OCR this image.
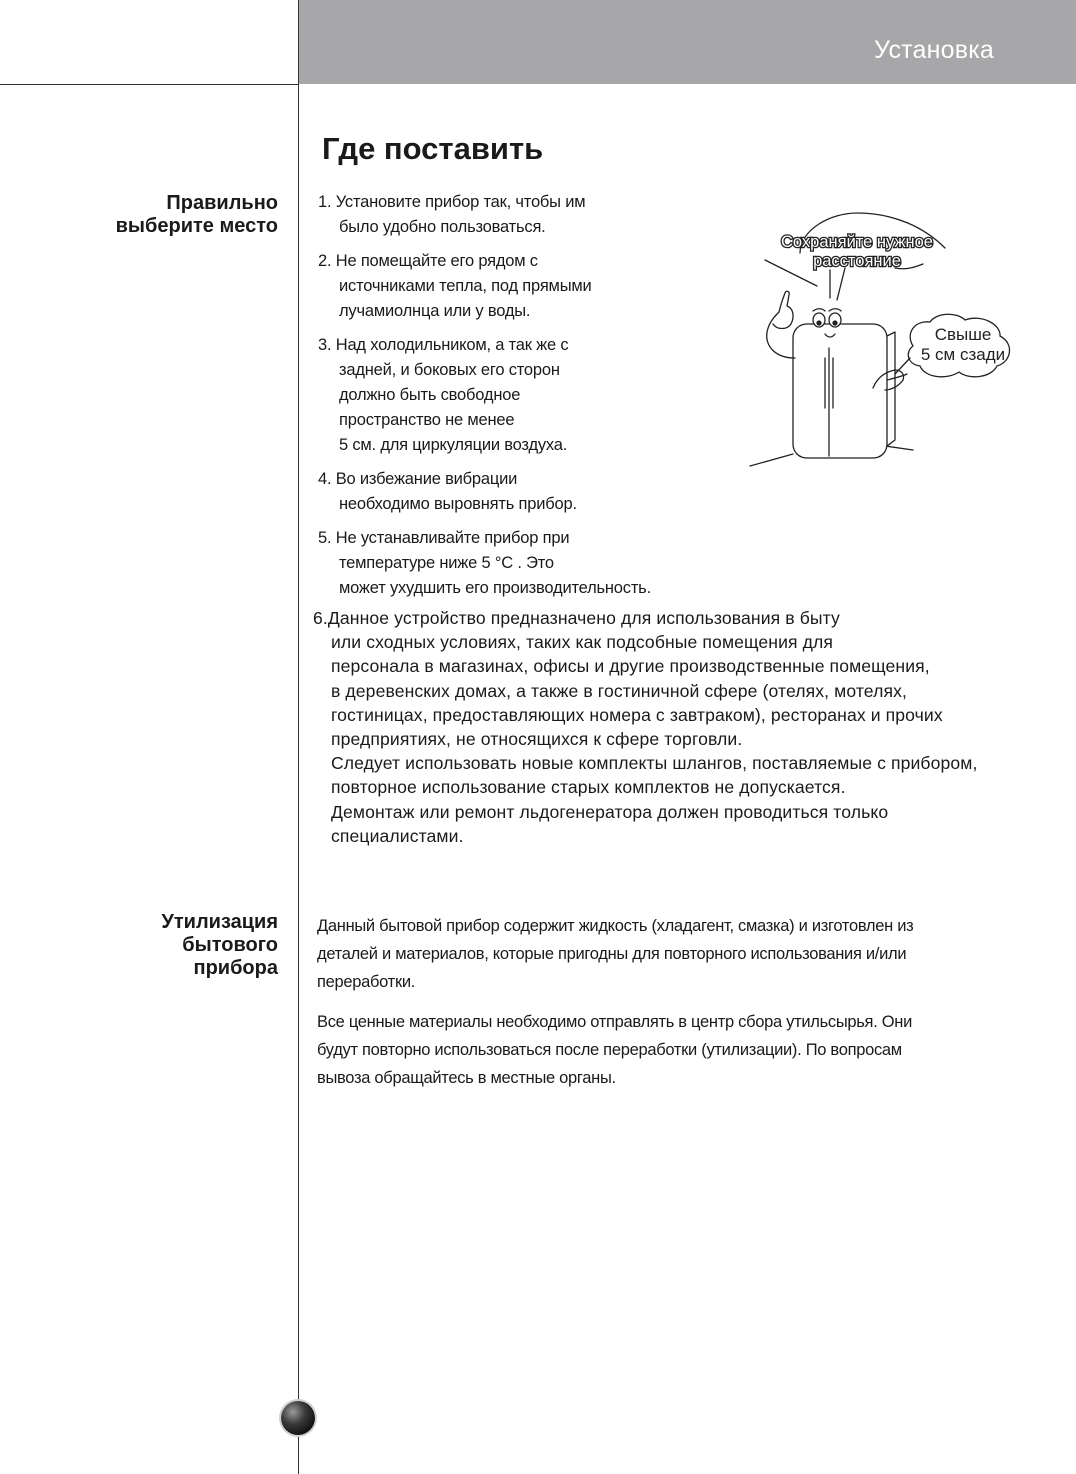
Установка
Где поставить
Правильно
выберите место
Утилизация
бытового
прибора
1. Установите прибор так, чтобы им
было удобно пользоваться.
2. Не помещайте его рядом с
источниками тепла, под прямыми
лучамиолнца или у воды.
3. Над холодильником, а так же с
задней, и боковых его сторон
должно быть свободное
пространство не менее
5 см. для циркуляции воздуха.
4. Во избежание вибрации
необходимо выровнять прибор.
5. Не устанавливайте прибор при
температуре ниже 5 °C . Это
может ухудшить его производительность.
6.Данное устройство предназначено для использования в быту
или сходных условиях, таких как подсобные помещения для
персонала в магазинах, офисы и другие производственные помещения,
в деревенских домах, а также в гостиничной сфере (отелях, мотелях,
гостиницах, предоставляющих номера с завтраком), ресторанах и прочих
предприятиях, не относящихся к сфере торговли.
Следует использовать новые комплекты шлангов, поставляемые с прибором,
повторное использование старых комплектов не допускается.
Демонтаж или ремонт льдогенератора должен проводиться только
специалистами.

Данный бытовой прибор содержит жидкость (хладагент, смазка) и изготовлен из
деталей и материалов, которые пригодны для повторного использования и/или
переработки.

Все ценные материалы необходимо отправлять в центр сбора утильсырья. Они
будут повторно использоваться после переработки (утилизации). По вопросам
вывоза обращайтесь в местные органы.

Сохраняйте нужное
расстояние
Свыше
5 см сзади
